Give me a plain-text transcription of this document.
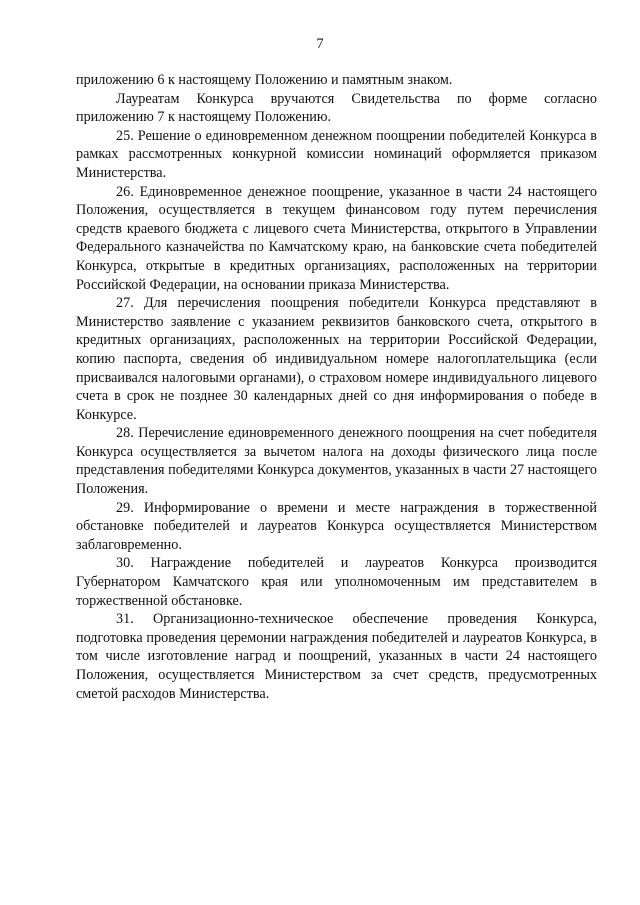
7

приложению 6 к настоящему Положению и памятным знаком.

Лауреатам Конкурса вручаются Свидетельства по форме согласно приложению 7 к настоящему Положению.

25. Решение о единовременном денежном поощрении победителей Конкурса в рамках рассмотренных конкурной комиссии номинаций оформляется приказом Министерства.

26. Единовременное денежное поощрение, указанное в части 24 настоящего Положения, осуществляется в текущем финансовом году путем перечисления средств краевого бюджета с лицевого счета Министерства, открытого в Управлении Федерального казначейства по Камчатскому краю, на банковские счета победителей Конкурса, открытые в кредитных организациях, расположенных на территории Российской Федерации, на основании приказа Министерства.

27. Для перечисления поощрения победители Конкурса представляют в Министерство заявление с указанием реквизитов банковского счета, открытого в кредитных организациях, расположенных на территории Российской Федерации, копию паспорта, сведения об индивидуальном номере налогоплательщика (если присваивался налоговыми органами), о страховом номере индивидуального лицевого счета в срок не позднее 30 календарных дней со дня информирования о победе в Конкурсе.

28. Перечисление единовременного денежного поощрения на счет победителя Конкурса осуществляется за вычетом налога на доходы физического лица после представления победителями Конкурса документов, указанных в части 27 настоящего Положения.

29. Информирование о времени и месте награждения в торжественной обстановке победителей и лауреатов Конкурса осуществляется Министерством заблаговременно.

30. Награждение победителей и лауреатов Конкурса производится Губернатором Камчатского края или уполномоченным им представителем в торжественной обстановке.

31. Организационно-техническое обеспечение проведения Конкурса, подготовка проведения церемонии награждения победителей и лауреатов Конкурса, в том числе изготовление наград и поощрений, указанных в части 24 настоящего Положения, осуществляется Министерством за счет средств, предусмотренных сметой расходов Министерства.
